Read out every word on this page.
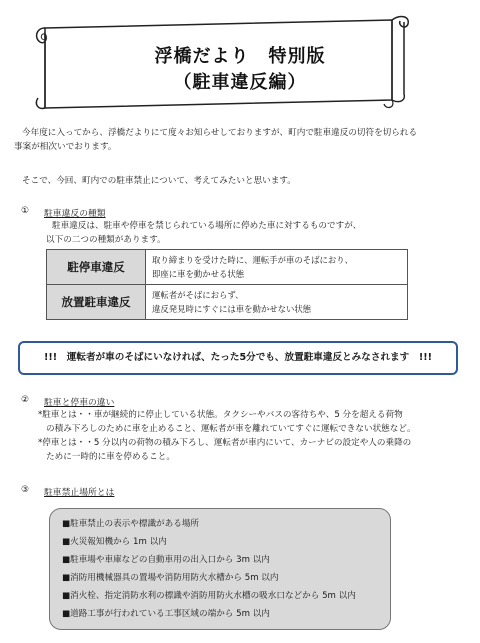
浮橋だより　特別版
（駐車違反編）
今年度に入ってから、浮橋だよりにて度々お知らせしておりますが、町内で駐車違反の切符を切られる
事案が相次いでおります。
そこで、今回、町内での駐車禁止について、考えてみたいと思います。
① 駐車違反の種類
駐車違反は、駐車や停車を禁じられている場所に停めた車に対するものですが、
以下の二つの種類があります。
駐停車違反	取り締まりを受けた時に、運転手が車のそばにおり、
即座に車を動かせる状態

放置駐車違反	運転者がそばにおらず、
違反発見時にすぐには車を動かせない状態
!!!　運転者が車のそばにいなければ、たった5分でも、放置駐車違反とみなされます　!!!
② 駐車と停車の違い
*駐車とは・・車が継続的に停止している状態。タクシーやバスの客待ちや、5 分を超える荷物
の積み下ろしのために車を止めること、運転者が車を離れていてすぐに運転できない状態など。
*停車とは・・5 分以内の荷物の積み下ろし、運転者が車内にいて、カーナビの設定や人の乗降の
ために一時的に車を停めること。
③ 駐車禁止場所とは
■駐車禁止の表示や標識がある場所
■火災報知機から 1m 以内
■駐車場や車庫などの自動車用の出入口から 3m 以内
■消防用機械器具の置場や消防用防火水槽から 5m 以内
■消火栓、指定消防水利の標識や消防用防火水槽の吸水口などから 5m 以内
■道路工事が行われている工事区域の端から 5m 以内
